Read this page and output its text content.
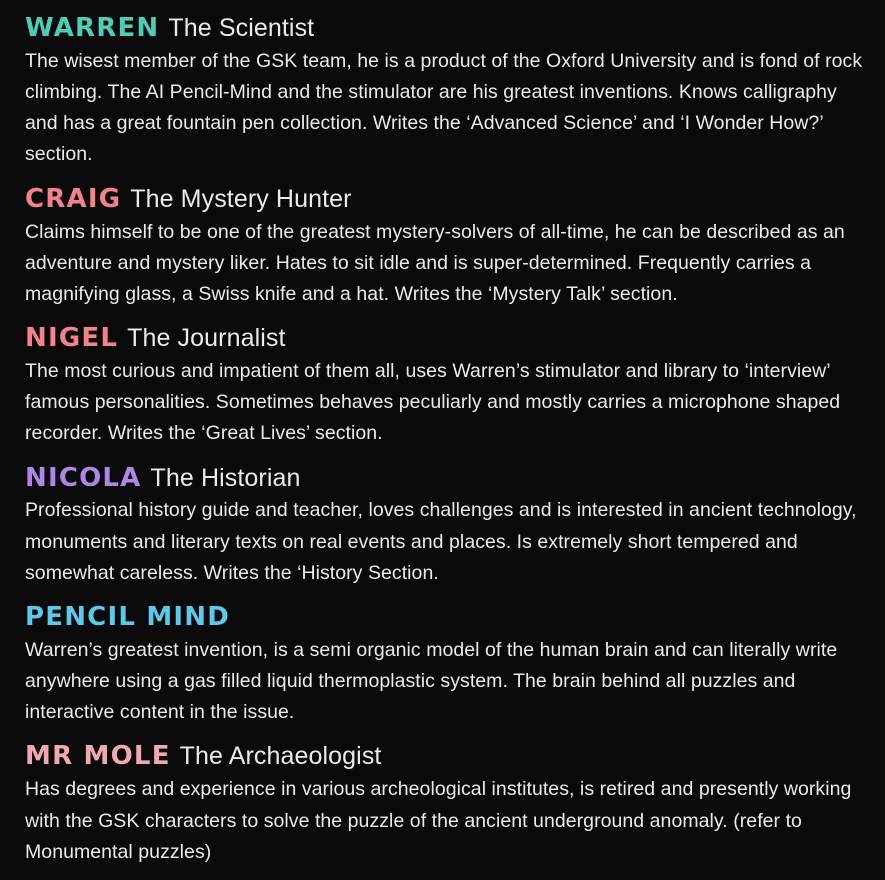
WARREN The Scientist

The wisest member of the GSK team, he is a product of the Oxford University and is fond of rock climbing. The AI Pencil-Mind and the stimulator are his greatest inventions. Knows calligraphy and has a great fountain pen collection. Writes the ‘Advanced Science’ and ‘I Wonder How?’ section.

CRAIG The Mystery Hunter

Claims himself to be one of the greatest mystery-solvers of all-time, he can be described as an adventure and mystery liker. Hates to sit idle and is super-determined. Frequently carries a magnifying glass, a Swiss knife and a hat. Writes the ‘Mystery Talk’ section.

NIGEL The Journalist

The most curious and impatient of them all, uses Warren’s stimulator and library to ‘interview’ famous personalities. Sometimes behaves peculiarly and mostly carries a microphone shaped recorder. Writes the ‘Great Lives’ section.

NICOLA The Historian

Professional history guide and teacher, loves challenges and is interested in ancient technology, monuments and literary texts on real events and places. Is extremely short tempered and somewhat careless. Writes the ‘History Section.

PENCIL MIND

Warren’s greatest invention, is a semi organic model of the human brain and can literally write anywhere using a gas filled liquid thermoplastic system. The brain behind all puzzles and interactive content in the issue.

MR MOLE The Archaeologist

Has degrees and experience in various archeological institutes, is retired and presently working with the GSK characters to solve the puzzle of the ancient underground anomaly. (refer to Monumental puzzles)
